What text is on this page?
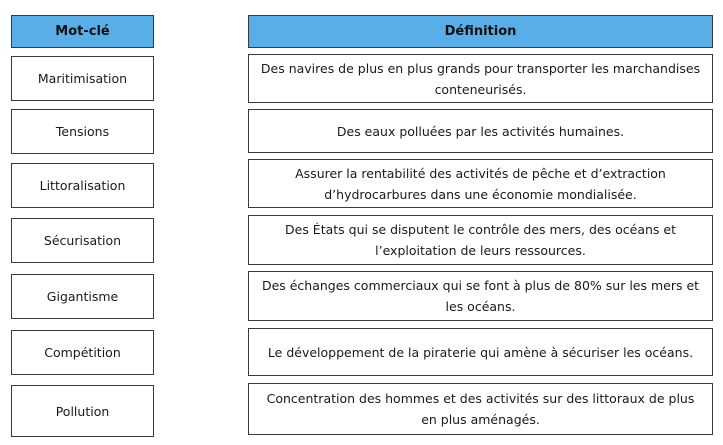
Mot-clé
Maritimisation
Tensions
Littoralisation
Sécurisation
Gigantisme
Compétition
Pollution
Définition
Des navires de plus en plus grands pour transporter les marchandises conteneurisés.
Des eaux polluées par les activités humaines.
Assurer la rentabilité des activités de pêche et d’extraction d’hydrocarbures dans une économie mondialisée.
Des États qui se disputent le contrôle des mers, des océans et l’exploitation de leurs ressources.
Des échanges commerciaux qui se font à plus de 80% sur les mers et les océans.
Le développement de la piraterie qui amène à sécuriser les océans.
Concentration des hommes et des activités sur des littoraux de plus en plus aménagés.
